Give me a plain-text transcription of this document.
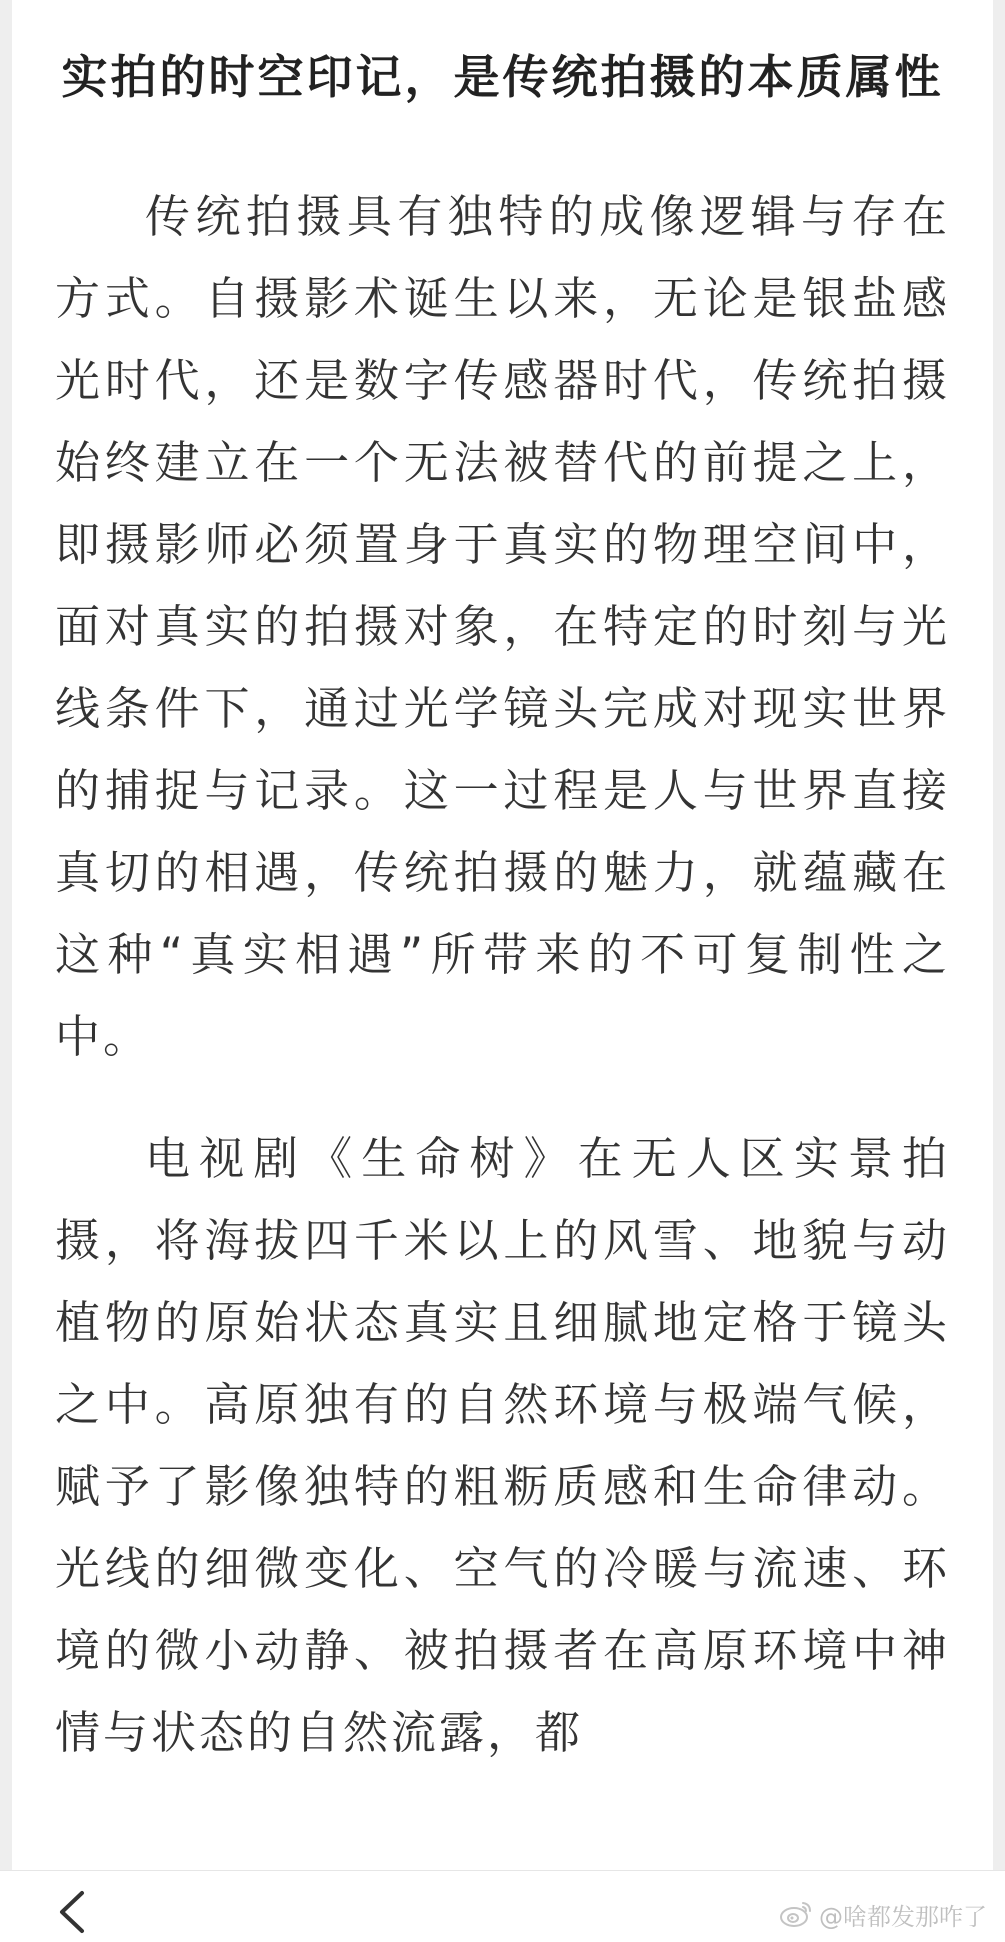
实拍的时空印记，是传统拍摄的本质属性

传统拍摄具有独特的成像逻辑与存在方式。自摄影术诞生以来，无论是银盐感光时代，还是数字传感器时代，传统拍摄始终建立在一个无法被替代的前提之上，即摄影师必须置身于真实的物理空间中，面对真实的拍摄对象，在特定的时刻与光线条件下，通过光学镜头完成对现实世界的捕捉与记录。这一过程是人与世界直接真切的相遇，传统拍摄的魅力，就蕴藏在这种“真实相遇”所带来的不可复制性之中。

电视剧《生命树》在无人区实景拍摄，将海拔四千米以上的风雪、地貌与动植物的原始状态真实且细腻地定格于镜头之中。高原独有的自然环境与极端气候，赋予了影像独特的粗粝质感和生命律动。光线的细微变化、空气的冷暖与流速、环境的微小动静、被拍摄者在高原环境中神情与状态的自然流露，都

@啥都发那咋了
